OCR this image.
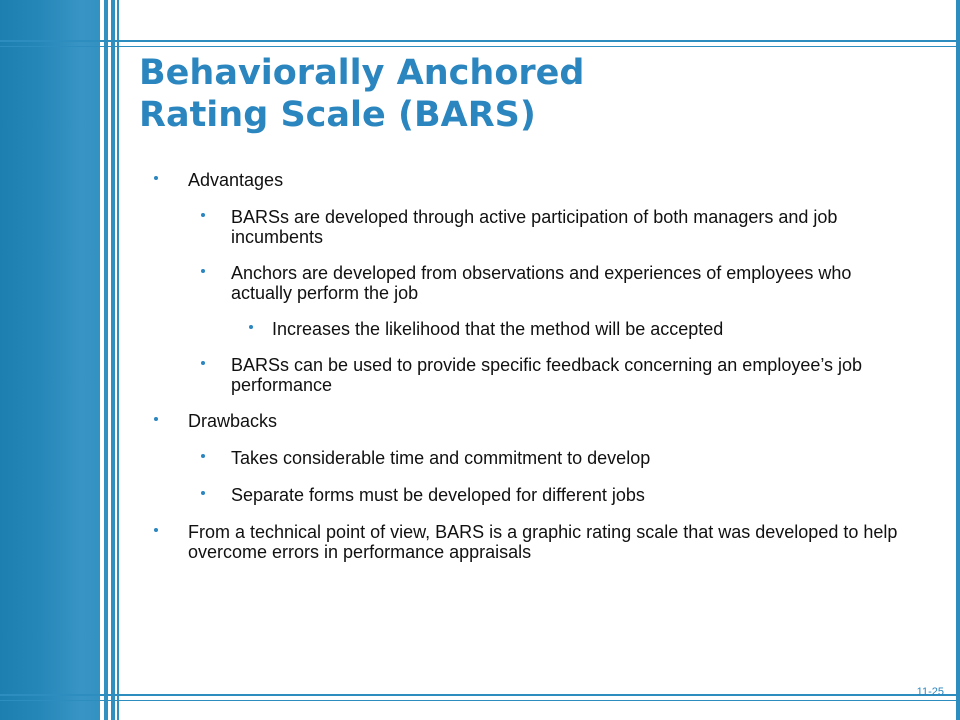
Behaviorally Anchored
Rating Scale (BARS)
Advantages
BARSs are developed through active participation of both managers and job incumbents
Anchors are developed from observations and experiences of employees who actually perform the job
Increases the likelihood that the method will be accepted
BARSs can be used to provide specific feedback concerning an employee’s job performance
Drawbacks
Takes considerable time and commitment to develop
Separate forms must be developed for different jobs
From a technical point of view, BARS is a graphic rating scale that was developed to help overcome errors in performance appraisals
11-25
